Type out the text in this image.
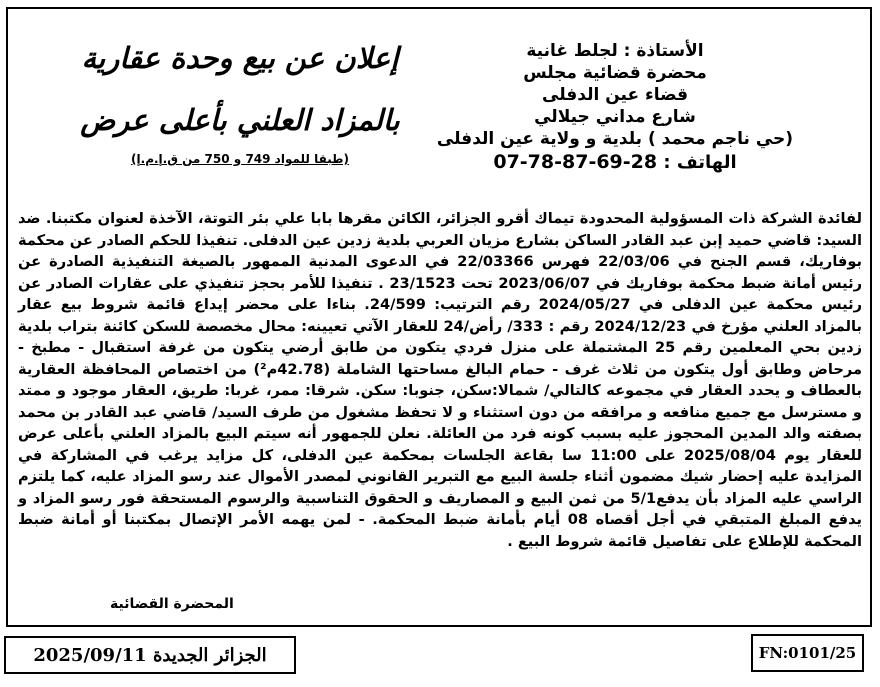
الأستاذة : لجلط غانية
محضرة قضائية مجلس
قضاء عين الدفلى
شارع مداني جيلالي
(حي ناجم محمد ) بلدية و ولاية عين الدفلى
الهاتف : 07-78-87-69-28
إعلان عن بيع وحدة عقارية
بالمزاد العلني بأعلى عرض
(طبقا للمواد 749 و 750 من ق.إ.م.إ)
لفائدة الشركة ذات المسؤولية المحدودة تيماك أقرو الجزائر، الكائن مقرها بابا علي بئر التوتة، الآخذة لعنوان مكتبنا. ضد السيد: قاضي حميد إبن عبد القادر الساكن بشارع مزيان العربي بلدية زدين عين الدفلى. تنفيذا للحكم الصادر عن محكمة بوفاريك، قسم الجنح في 22/03/06 فهرس 22/03366 في الدعوى المدنية الممهور بالصيغة التنفيذية الصادرة عن رئيس أمانة ضبط محكمة بوفاريك في 2023/06/07 تحت 23/1523 . تنفيذا للأمر بحجز تنفيذي على عقارات الصادر عن رئيس محكمة عين الدفلى في 2024/05/27 رقم الترتيب: 24/599. بناءا على محضر إيداع قائمة شروط بيع عقار بالمزاد العلني مؤرخ في 2024/12/23 رقم : 333/ رأض/24 للعقار الآتي تعيينه: محال مخصصة للسكن كائنة بتراب بلدية زدين بحي المعلمين رقم 25 المشتملة على منزل فردي يتكون من طابق أرضي يتكون من غرفة استقبال - مطبخ - مرحاض وطابق أول يتكون من ثلاث غرف - حمام البالغ مساحتها الشاملة (42.78م²) من اختصاص المحافظة العقارية بالعطاف و يحدد العقار في مجموعه كالتالي/ شمالا:سكن، جنوبا: سكن. شرقا: ممر، غربا: طريق، العقار موجود و ممتد و مسترسل مع جميع منافعه و مرافقه من دون استثناء و لا تحفظ مشغول من طرف السيد/ قاضي عبد القادر بن محمد بصفته والد المدين المحجوز عليه بسبب كونه فرد من العائلة. نعلن للجمهور أنه سيتم البيع بالمزاد العلني بأعلى عرض للعقار يوم 2025/08/04 على 11:00 سا بقاعة الجلسات بمحكمة عين الدفلى، كل مزايد يرغب في المشاركة في المزايدة عليه إحضار شيك مضمون أثناء جلسة البيع مع التبرير القانوني لمصدر الأموال عند رسو المزاد عليه، كما يلتزم الراسي عليه المزاد بأن يدفع5/1 من ثمن البيع و المصاريف و الحقوق التناسبية والرسوم المستحقة فور رسو المزاد و يدفع المبلغ المتبقي في أجل أقصاه 08 أيام بأمانة ضبط المحكمة. - لمن يهمه الأمر الإتصال بمكتبنا أو أمانة ضبط المحكمة للإطلاع على تفاصيل قائمة شروط البيع .
المحضرة القضائية
الجزائر الجديدة 2025/09/11	FN:0101/25
